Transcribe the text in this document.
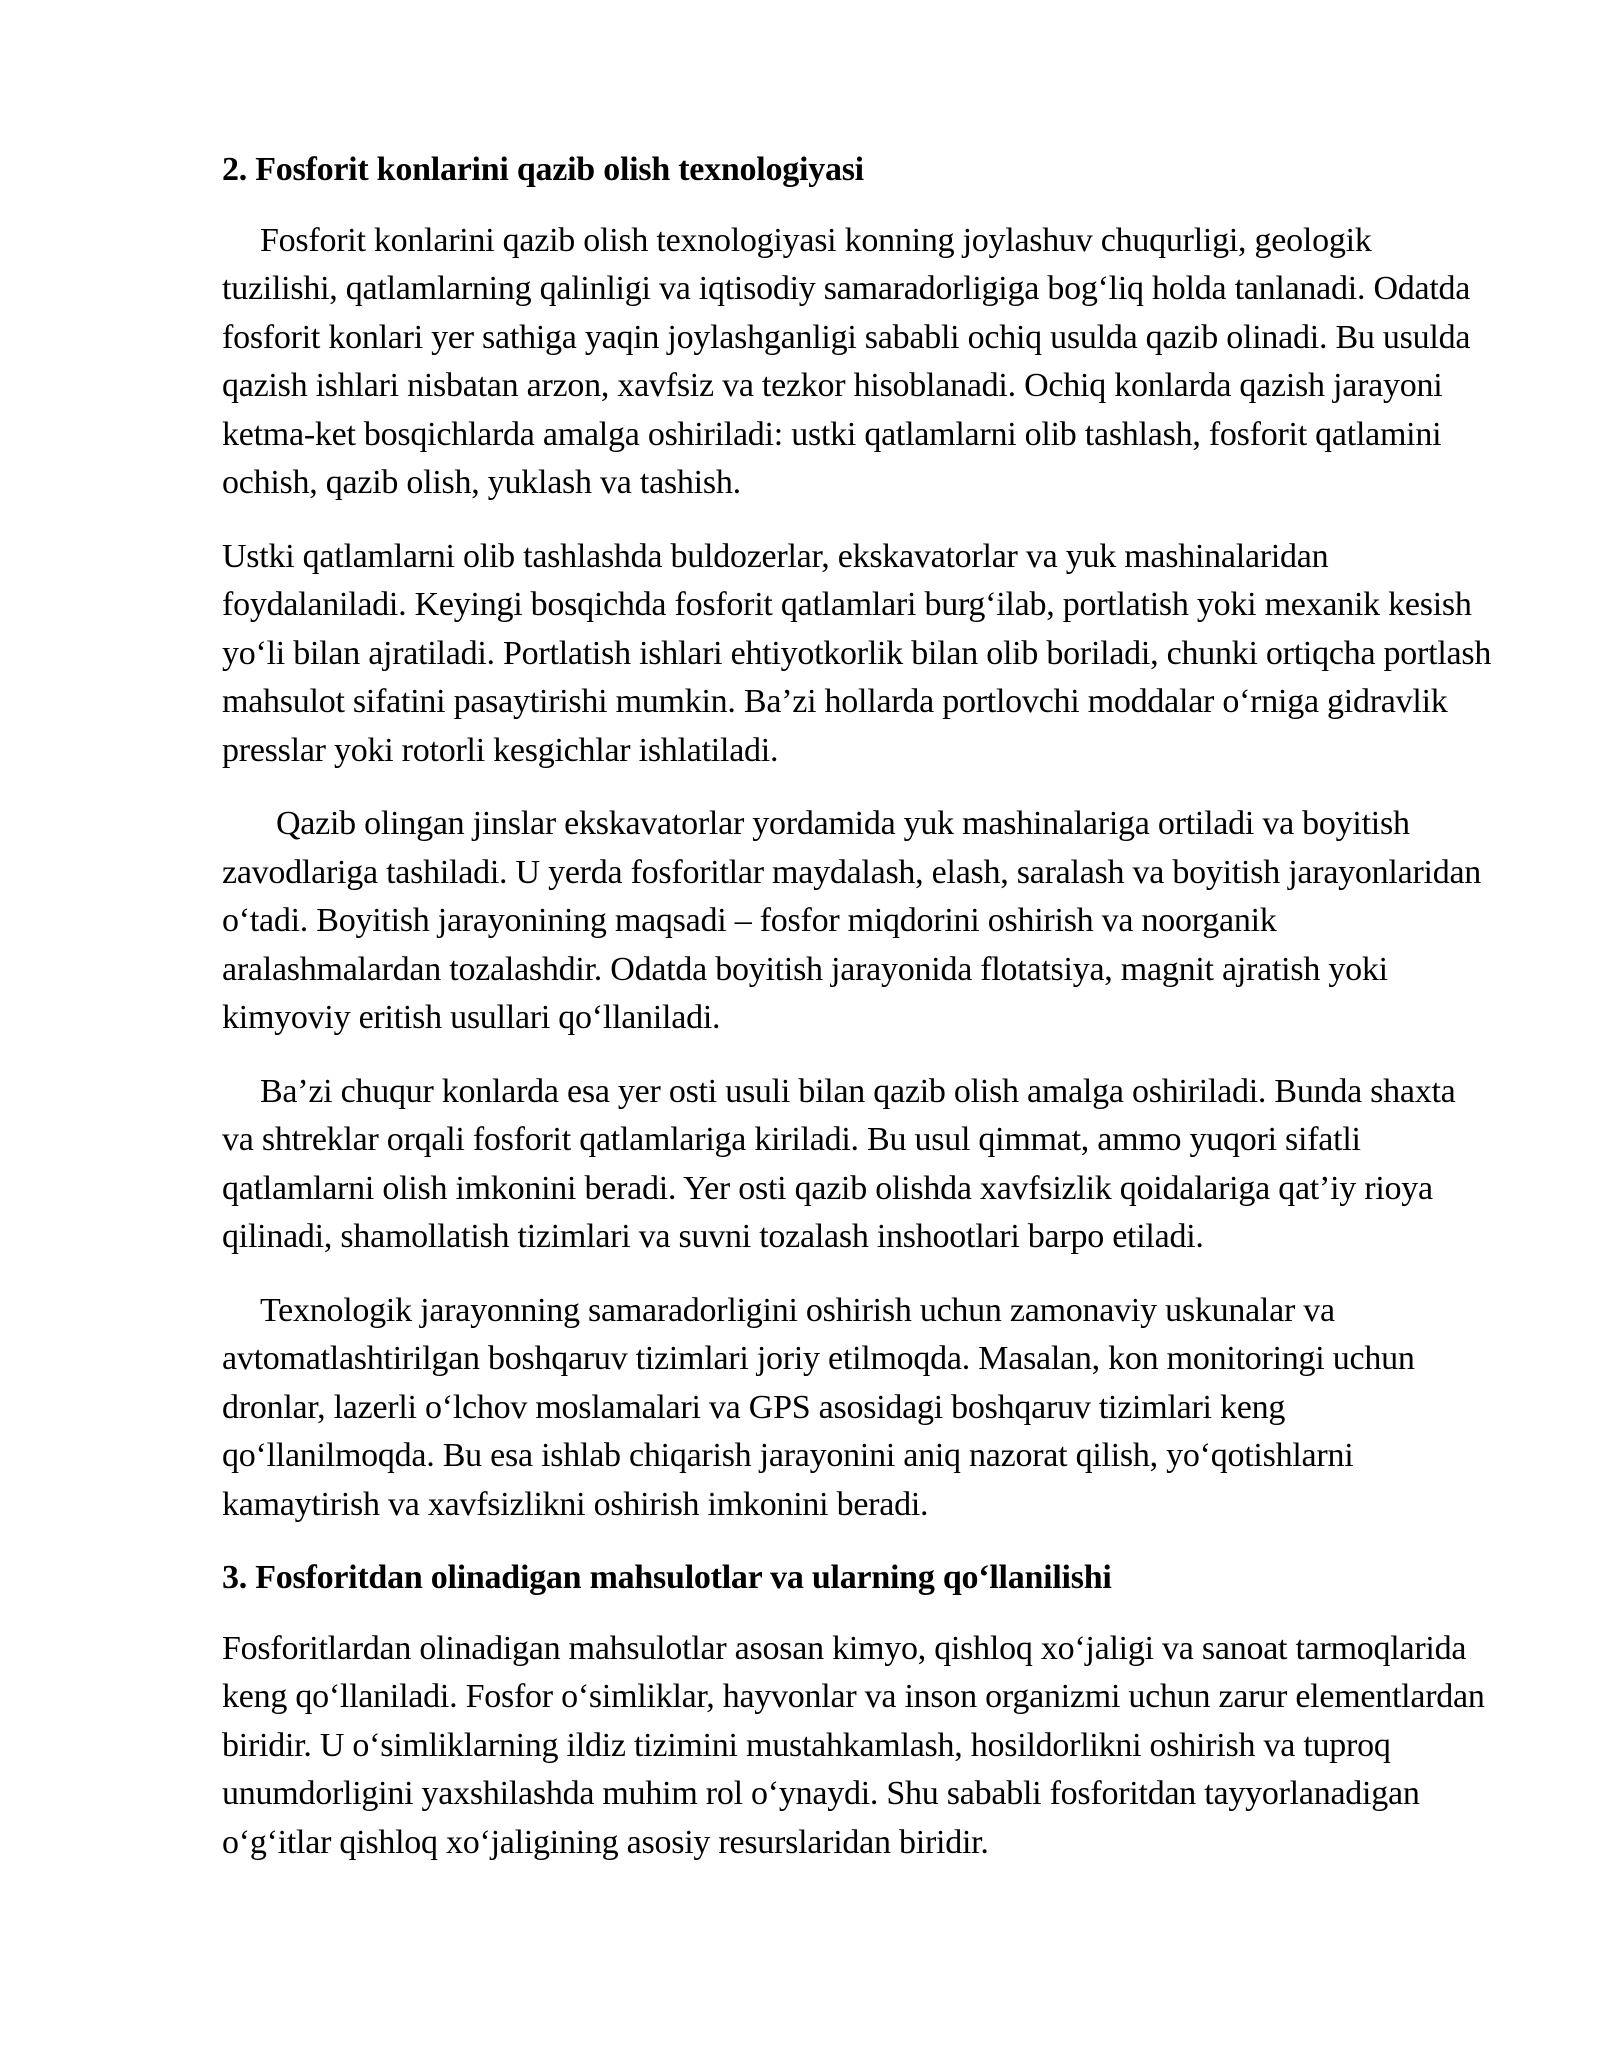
2. Fosforit konlarini qazib olish texnologiyasi

Fosforit konlarini qazib olish texnologiyasi konning joylashuv chuqurligi, geologik tuzilishi, qatlamlarning qalinligi va iqtisodiy samaradorligiga bog‘liq holda tanlanadi. Odatda fosforit konlari yer sathiga yaqin joylashganligi sababli ochiq usulda qazib olinadi. Bu usulda qazish ishlari nisbatan arzon, xavfsiz va tezkor hisoblanadi. Ochiq konlarda qazish jarayoni ketma-ket bosqichlarda amalga oshiriladi: ustki qatlamlarni olib tashlash, fosforit qatlamini ochish, qazib olish, yuklash va tashish.

Ustki qatlamlarni olib tashlashda buldozerlar, ekskavatorlar va yuk mashinalaridan foydalaniladi. Keyingi bosqichda fosforit qatlamlari burg‘ilab, portlatish yoki mexanik kesish yo‘li bilan ajratiladi. Portlatish ishlari ehtiyotkorlik bilan olib boriladi, chunki ortiqcha portlash mahsulot sifatini pasaytirishi mumkin. Ba’zi hollarda portlovchi moddalar o‘rniga gidravlik presslar yoki rotorli kesgichlar ishlatiladi.

Qazib olingan jinslar ekskavatorlar yordamida yuk mashinalariga ortiladi va boyitish zavodlariga tashiladi. U yerda fosforitlar maydalash, elash, saralash va boyitish jarayonlaridan o‘tadi. Boyitish jarayonining maqsadi – fosfor miqdorini oshirish va noorganik aralashmalardan tozalashdir. Odatda boyitish jarayonida flotatsiya, magnit ajratish yoki kimyoviy eritish usullari qo‘llaniladi.

Ba’zi chuqur konlarda esa yer osti usuli bilan qazib olish amalga oshiriladi. Bunda shaxta va shtreklar orqali fosforit qatlamlariga kiriladi. Bu usul qimmat, ammo yuqori sifatli qatlamlarni olish imkonini beradi. Yer osti qazib olishda xavfsizlik qoidalariga qat’iy rioya qilinadi, shamollatish tizimlari va suvni tozalash inshootlari barpo etiladi.

Texnologik jarayonning samaradorligini oshirish uchun zamonaviy uskunalar va avtomatlashtirilgan boshqaruv tizimlari joriy etilmoqda. Masalan, kon monitoringi uchun dronlar, lazerli o‘lchov moslamalari va GPS asosidagi boshqaruv tizimlari keng qo‘llanilmoqda. Bu esa ishlab chiqarish jarayonini aniq nazorat qilish, yo‘qotishlarni kamaytirish va xavfsizlikni oshirish imkonini beradi.

3. Fosforitdan olinadigan mahsulotlar va ularning qo‘llanilishi

Fosforitlardan olinadigan mahsulotlar asosan kimyo, qishloq xo‘jaligi va sanoat tarmoqlarida keng qo‘llaniladi. Fosfor o‘simliklar, hayvonlar va inson organizmi uchun zarur elementlardan biridir. U o‘simliklarning ildiz tizimini mustahkamlash, hosildorlikni oshirish va tuproq unumdorligini yaxshilashda muhim rol o‘ynaydi. Shu sababli fosforitdan tayyorlanadigan o‘g‘itlar qishloq xo‘jaligining asosiy resurslaridan biridir.
